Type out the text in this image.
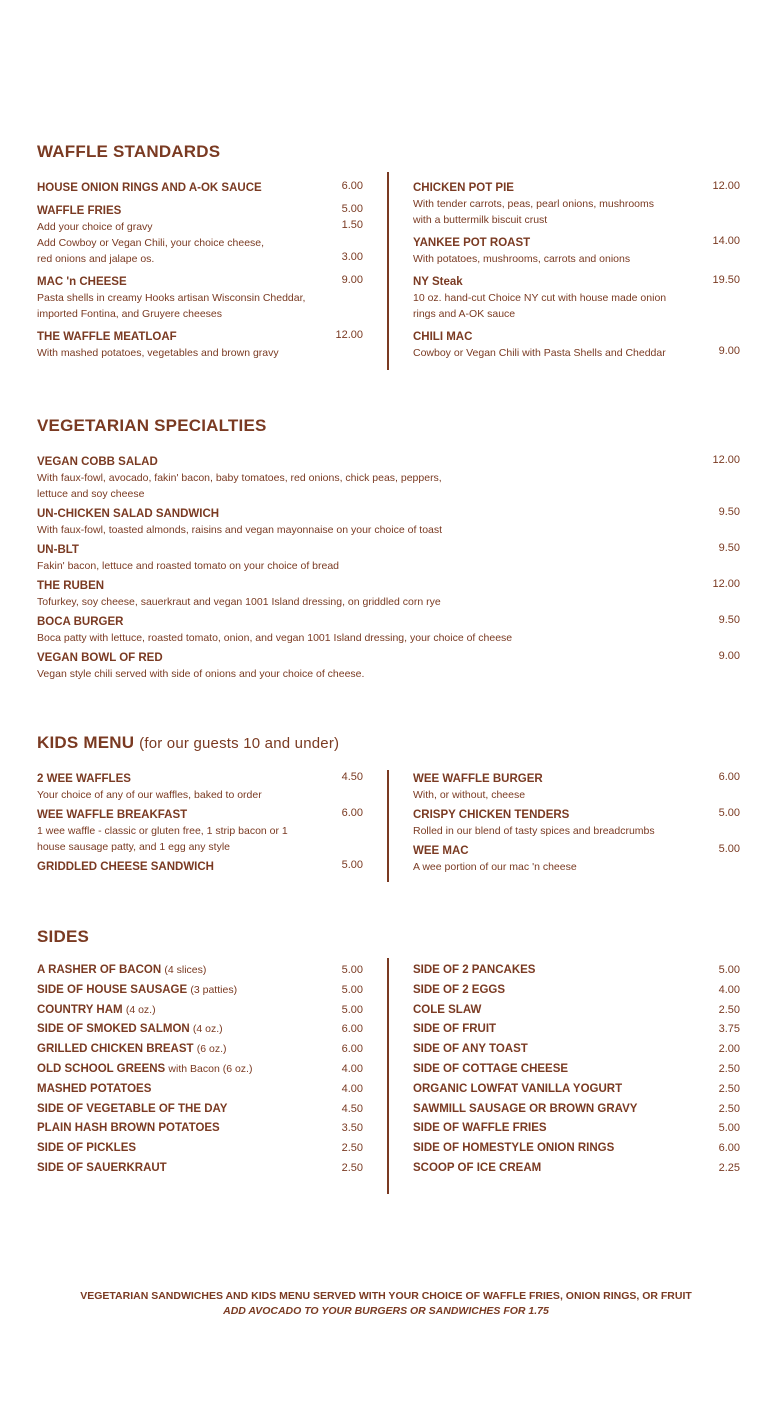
WAFFLE STANDARDS
HOUSE ONION RINGS AND A-OK SAUCE	6.00
WAFFLE FRIES	5.00
Add your choice of gravy	1.50
Add Cowboy or Vegan Chili, your choice cheese,
red onions and jalape os.	3.00
MAC 'n CHEESE	9.00
Pasta shells in creamy Hooks artisan Wisconsin Cheddar,
imported Fontina, and Gruyere cheeses
THE WAFFLE MEATLOAF	12.00
With mashed potatoes, vegetables and brown gravy
CHICKEN POT PIE	12.00
With tender carrots, peas, pearl onions, mushrooms
with a buttermilk biscuit crust
YANKEE POT ROAST	14.00
With potatoes, mushrooms, carrots and onions
NY Steak	19.50
10 oz. hand-cut Choice NY cut with house made onion
rings and A-OK sauce
CHILI MAC
Cowboy or Vegan Chili with Pasta Shells and Cheddar	9.00
VEGETARIAN SPECIALTIES
VEGAN COBB SALAD	12.00
With faux-fowl, avocado, fakin' bacon, baby tomatoes, red onions, chick peas, peppers,
lettuce and soy cheese
UN-CHICKEN SALAD SANDWICH	9.50
With faux-fowl, toasted almonds, raisins and vegan mayonnaise on your choice of toast
UN-BLT	9.50
Fakin' bacon, lettuce and roasted tomato on your choice of bread
THE RUBEN	12.00
Tofurkey, soy cheese, sauerkraut and vegan 1001 Island dressing, on griddled corn rye
BOCA BURGER	9.50
Boca patty with lettuce, roasted tomato, onion, and vegan 1001 Island dressing, your choice of cheese
VEGAN BOWL OF RED	9.00
Vegan style chili served with side of onions and your choice of cheese.
KIDS MENU (for our guests 10 and under)
2 WEE WAFFLES	4.50
Your choice of any of our waffles, baked to order
WEE WAFFLE BREAKFAST	6.00
1 wee waffle - classic or gluten free, 1 strip bacon or 1
house sausage patty, and 1 egg any style
GRIDDLED CHEESE SANDWICH	5.00
WEE WAFFLE BURGER	6.00
With, or without, cheese
CRISPY CHICKEN TENDERS	5.00
Rolled in our blend of tasty spices and breadcrumbs
WEE MAC	5.00
A wee portion of our mac 'n cheese
SIDES
VEGETARIAN SANDWICHES AND KIDS MENU SERVED WITH YOUR CHOICE OF WAFFLE FRIES, ONION RINGS, OR FRUIT
ADD AVOCADO TO YOUR BURGERS OR SANDWICHES FOR 1.75
A RASHER OF BACON (4 slices)	5.00
SIDE OF HOUSE SAUSAGE (3 patties)	5.00
COUNTRY HAM (4 oz.)	5.00
SIDE OF SMOKED SALMON (4 oz.)	6.00
GRILLED CHICKEN BREAST (6 oz.)	6.00
OLD SCHOOL GREENS with Bacon (6 oz.)	4.00
MASHED POTATOES	4.00
SIDE OF VEGETABLE OF THE DAY	4.50
PLAIN HASH BROWN POTATOES	3.50
SIDE OF PICKLES	2.50
SIDE OF SAUERKRAUT	2.50
SIDE OF 2 PANCAKES	5.00
SIDE OF 2 EGGS	4.00
COLE SLAW	2.50
SIDE OF FRUIT	3.75
SIDE OF ANY TOAST	2.00
SIDE OF COTTAGE CHEESE	2.50
ORGANIC LOWFAT VANILLA YOGURT	2.50
SAWMILL SAUSAGE OR BROWN GRAVY	2.50
SIDE OF WAFFLE FRIES	5.00
SIDE OF HOMESTYLE ONION RINGS	6.00
SCOOP OF ICE CREAM	2.25
